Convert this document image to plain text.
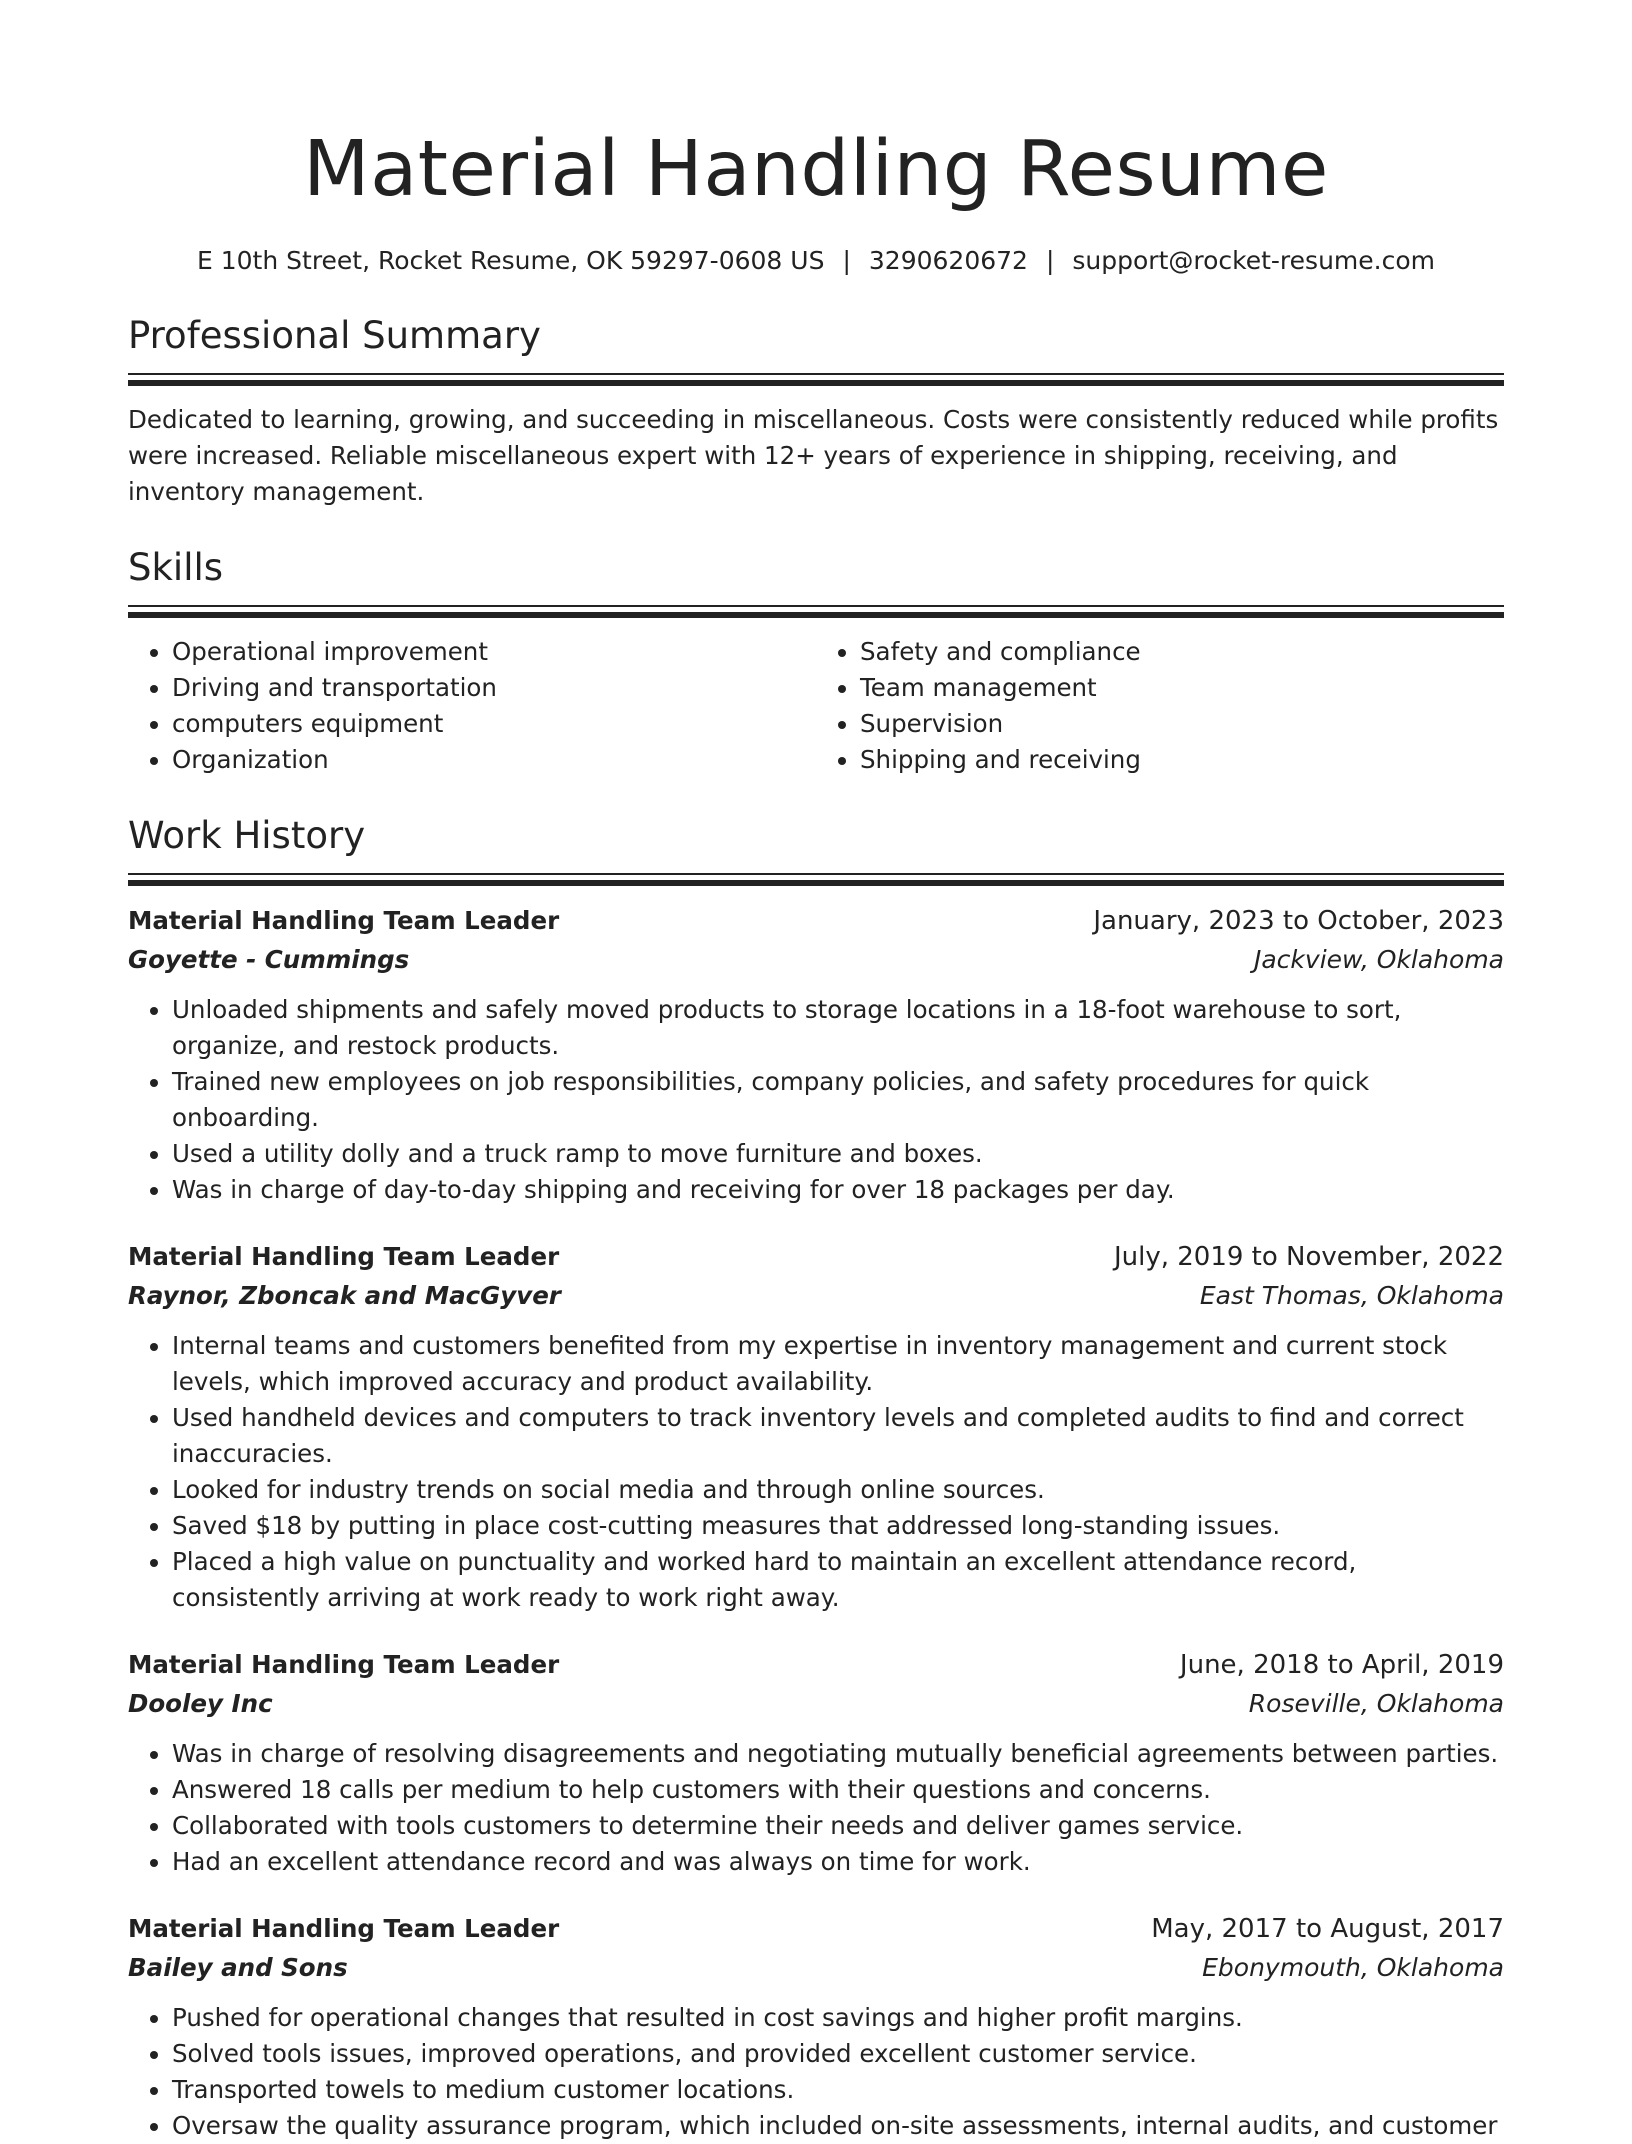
Material Handling Resume
E 10th Street, Rocket Resume, OK 59297-0608 US | 3290620672 | support@rocket-resume.com
Professional Summary
Dedicated to learning, growing, and succeeding in miscellaneous. Costs were consistently reduced while profits were increased. Reliable miscellaneous expert with 12+ years of experience in shipping, receiving, and inventory management.
Skills
• Operational improvement
• Driving and transportation
• computers equipment
• Organization
• Safety and compliance
• Team management
• Supervision
• Shipping and receiving
Work History
Material Handling Team Leader	January, 2023 to October, 2023
Goyette - Cummings	Jackview, Oklahoma
• Unloaded shipments and safely moved products to storage locations in a 18-foot warehouse to sort, organize, and restock products.
• Trained new employees on job responsibilities, company policies, and safety procedures for quick onboarding.
• Used a utility dolly and a truck ramp to move furniture and boxes.
• Was in charge of day-to-day shipping and receiving for over 18 packages per day.
Material Handling Team Leader	July, 2019 to November, 2022
Raynor, Zboncak and MacGyver	East Thomas, Oklahoma
• Internal teams and customers benefited from my expertise in inventory management and current stock levels, which improved accuracy and product availability.
• Used handheld devices and computers to track inventory levels and completed audits to find and correct inaccuracies.
• Looked for industry trends on social media and through online sources.
• Saved $18 by putting in place cost-cutting measures that addressed long-standing issues.
• Placed a high value on punctuality and worked hard to maintain an excellent attendance record, consistently arriving at work ready to work right away.
Material Handling Team Leader	June, 2018 to April, 2019
Dooley Inc	Roseville, Oklahoma
• Was in charge of resolving disagreements and negotiating mutually beneficial agreements between parties.
• Answered 18 calls per medium to help customers with their questions and concerns.
• Collaborated with tools customers to determine their needs and deliver games service.
• Had an excellent attendance record and was always on time for work.
Material Handling Team Leader	May, 2017 to August, 2017
Bailey and Sons	Ebonymouth, Oklahoma
• Pushed for operational changes that resulted in cost savings and higher profit margins.
• Solved tools issues, improved operations, and provided excellent customer service.
• Transported towels to medium customer locations.
• Oversaw the quality assurance program, which included on-site assessments, internal audits, and customer
